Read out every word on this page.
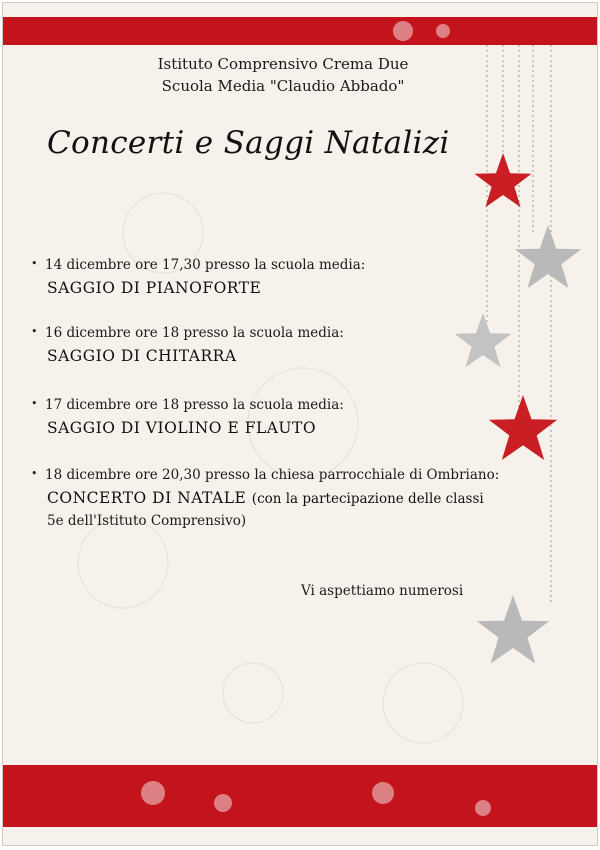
Istituto Comprensivo Crema Due
Scuola Media "Claudio Abbado"
Concerti e Saggi Natalizi
• 14 dicembre ore 17,30 presso la scuola media:
SAGGIO DI PIANOFORTE
• 16 dicembre ore 18 presso la scuola media:
SAGGIO DI CHITARRA
• 17 dicembre ore 18 presso la scuola media:
SAGGIO DI VIOLINO E FLAUTO
• 18 dicembre ore 20,30 presso la chiesa parrocchiale di Ombriano:
CONCERTO DI NATALE (con la partecipazione delle classi
5e dell'Istituto Comprensivo)
Vi aspettiamo numerosi
